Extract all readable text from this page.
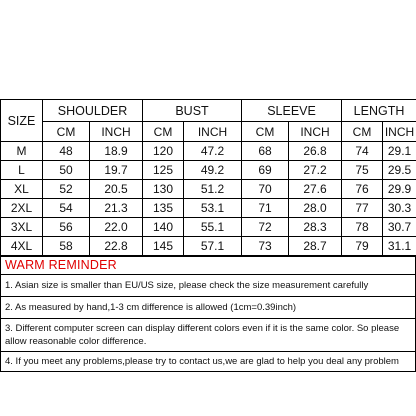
SIZE	SHOULDER		BUST		SLEEVE		LENGTH	
	CM	INCH	CM	INCH	CM	INCH	CM	INCH
M	48	18.9	120	47.2	68	26.8	74	29.1
L	50	19.7	125	49.2	69	27.2	75	29.5
XL	52	20.5	130	51.2	70	27.6	76	29.9
2XL	54	21.3	135	53.1	71	28.0	77	30.3
3XL	56	22.0	140	55.1	72	28.3	78	30.7
4XL	58	22.8	145	57.1	73	28.7	79	31.1
WARM REMINDER
1. Asian size is smaller than EU/US size, please check the size measurement carefully
2. As measured by hand,1-3 cm difference is allowed (1cm=0.39inch)
3. Different computer screen can display different colors even if it is the same color. So please allow reasonable color difference.
4. If you meet any problems,please try to contact us,we are glad to help you deal any problem
